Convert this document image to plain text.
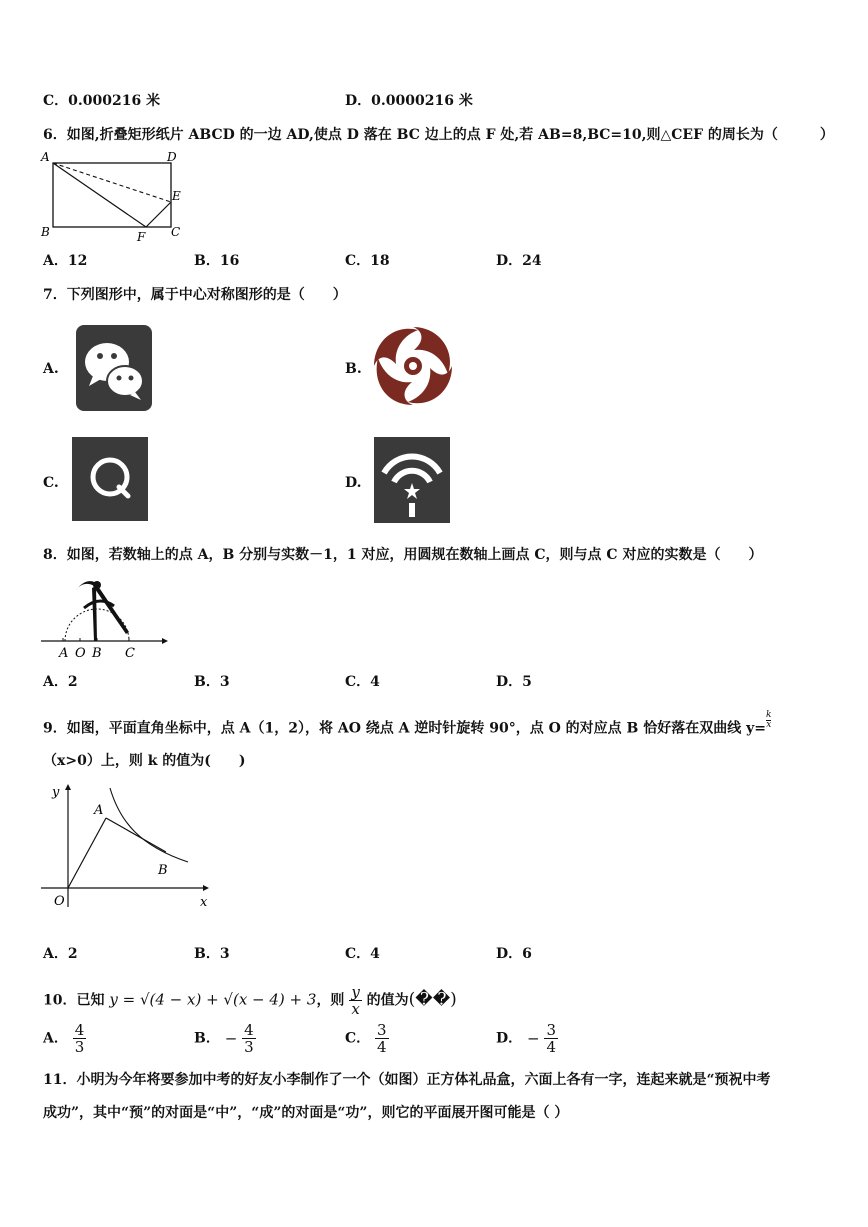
C．0.000216 米	D．0.0000216 米
6．如图,折叠矩形纸片 ABCD 的一边 AD,使点 D 落在 BC 边上的点 F 处,若 AB=8,BC=10,则△CEF 的周长为（　　　）
A	D
E
B	F C
A．12	B．16	C．18	D．24
7．下列图形中，属于中心对称图形的是（　　）
A.	B.
C.	D.
8．如图，若数轴上的点 A，B 分别与实数－1，1 对应，用圆规在数轴上画点 C，则与点 C 对应的实数是（　　）
A O B C
A．2	B．3	C．4	D．5
9．如图，平面直角坐标中，点 A（1，2），将 AO 绕点 A 逆时针旋转 90°，点 O 的对应点 B 恰好落在双曲线 $y= \frac{k}{x}$
（x>0）上，则 k 的值为(　　)
y
A
B
O	x
A．2	B．3	C．4	D．6
10．已知 y = √(4 − x) + √(x − 4) + 3，则 $\frac{y}{x}$ 的值为(��)
A． $\frac{4}{3}$	B． − $\frac{4}{3}$	C． $\frac{3}{4}$	D． − $\frac{3}{4}$
11．小明为今年将要参加中考的好友小李制作了一个（如图）正方体礼品盒，六面上各有一字，连起来就是“预祝中考
成功”，其中“预”的对面是“中”，“成”的对面是“功”，则它的平面展开图可能是（ ）
